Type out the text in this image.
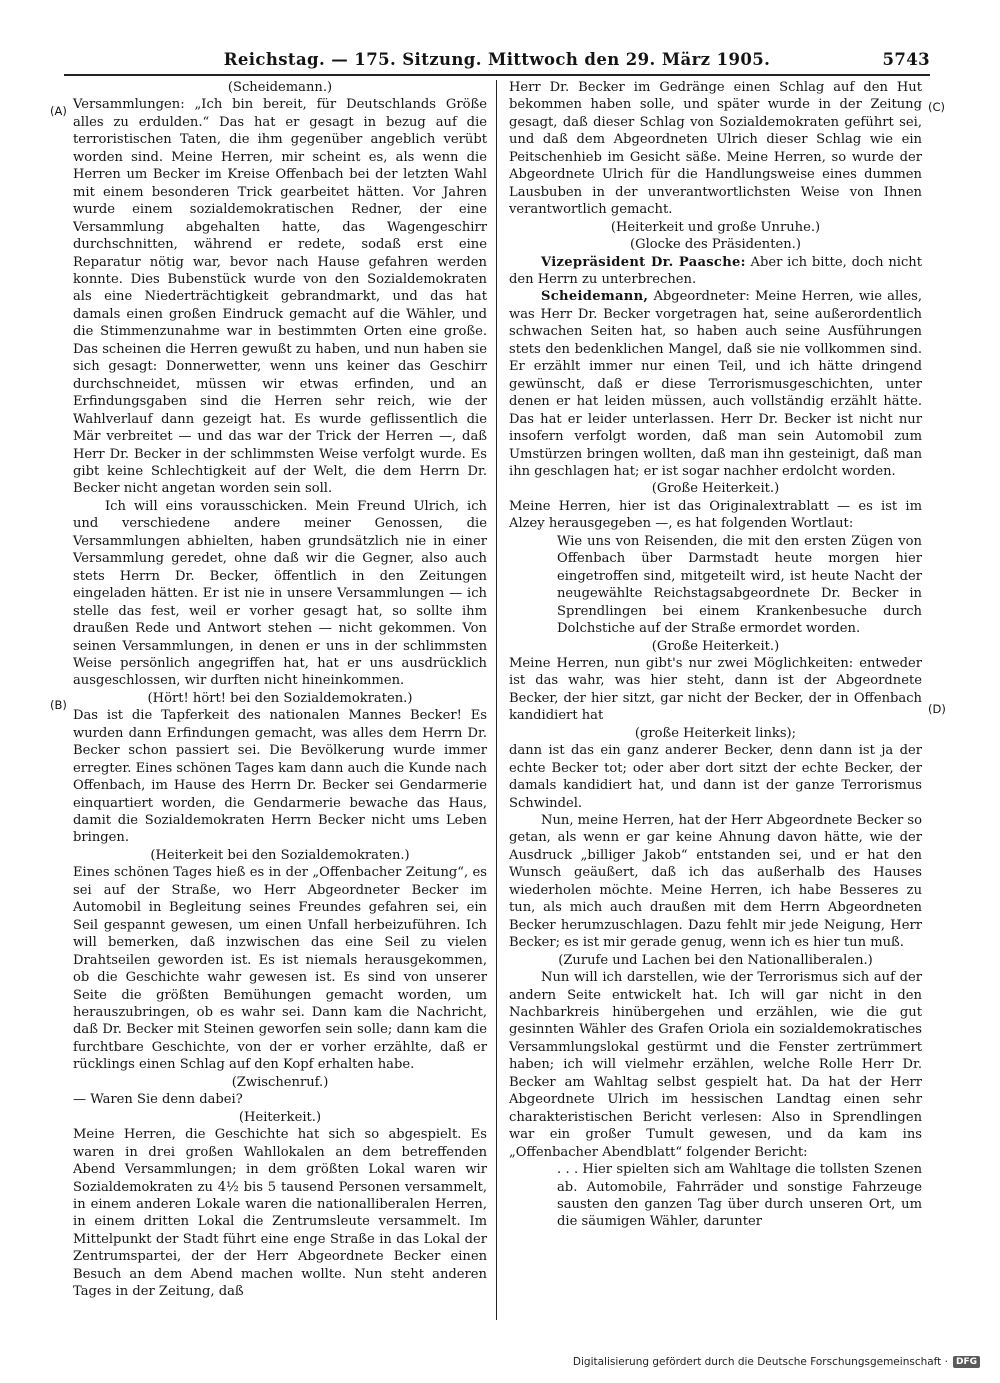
Reichstag. — 175. Sitzung. Mittwoch den 29. März 1905.	5743
(A)
(B)
(C)
(D)

(Scheidemann.)

Versammlungen: „Ich bin bereit, für Deutschlands Größe alles zu erdulden.“ Das hat er gesagt in bezug auf die terroristischen Taten, die ihm gegenüber angeblich verübt worden sind. Meine Herren, mir scheint es, als wenn die Herren um Becker im Kreise Offenbach bei der letzten Wahl mit einem besonderen Trick gearbeitet hätten. Vor Jahren wurde einem sozialdemokratischen Redner, der eine Versammlung abgehalten hatte, das Wagengeschirr durchschnitten, während er redete, sodaß erst eine Reparatur nötig war, bevor nach Hause gefahren werden konnte. Dies Bubenstück wurde von den Sozialdemokraten als eine Niederträchtigkeit gebrandmarkt, und das hat damals einen großen Eindruck gemacht auf die Wähler, und die Stimmenzunahme war in bestimmten Orten eine große. Das scheinen die Herren gewußt zu haben, und nun haben sie sich gesagt: Donnerwetter, wenn uns keiner das Geschirr durchschneidet, müssen wir etwas erfinden, und an Erfindungsgaben sind die Herren sehr reich, wie der Wahlverlauf dann gezeigt hat. Es wurde geflissentlich die Mär verbreitet — und das war der Trick der Herren —, daß Herr Dr. Becker in der schlimmsten Weise verfolgt wurde. Es gibt keine Schlechtigkeit auf der Welt, die dem Herrn Dr. Becker nicht angetan worden sein soll.

Ich will eins vorausschicken. Mein Freund Ulrich, ich und verschiedene andere meiner Genossen, die Versammlungen abhielten, haben grundsätzlich nie in einer Versammlung geredet, ohne daß wir die Gegner, also auch stets Herrn Dr. Becker, öffentlich in den Zeitungen eingeladen hätten. Er ist nie in unsere Versammlungen — ich stelle das fest, weil er vorher gesagt hat, so sollte ihm draußen Rede und Antwort stehen — nicht gekommen. Von seinen Versammlungen, in denen er uns in der schlimmsten Weise persönlich angegriffen hat, hat er uns ausdrücklich ausgeschlossen, wir durften nicht hineinkommen.

(Hört! hört! bei den Sozialdemokraten.)

Das ist die Tapferkeit des nationalen Mannes Becker! Es wurden dann Erfindungen gemacht, was alles dem Herrn Dr. Becker schon passiert sei. Die Bevölkerung wurde immer erregter. Eines schönen Tages kam dann auch die Kunde nach Offenbach, im Hause des Herrn Dr. Becker sei Gendarmerie einquartiert worden, die Gendarmerie bewache das Haus, damit die Sozialdemokraten Herrn Becker nicht ums Leben bringen.

(Heiterkeit bei den Sozialdemokraten.)

Eines schönen Tages hieß es in der „Offenbacher Zeitung“, es sei auf der Straße, wo Herr Abgeordneter Becker im Automobil in Begleitung seines Freundes gefahren sei, ein Seil gespannt gewesen, um einen Unfall herbeizuführen. Ich will bemerken, daß inzwischen das eine Seil zu vielen Drahtseilen geworden ist. Es ist niemals herausgekommen, ob die Geschichte wahr gewesen ist. Es sind von unserer Seite die größten Bemühungen gemacht worden, um herauszubringen, ob es wahr sei. Dann kam die Nachricht, daß Dr. Becker mit Steinen geworfen sein solle; dann kam die furchtbare Geschichte, von der er vorher erzählte, daß er rücklings einen Schlag auf den Kopf erhalten habe.

(Zwischenruf.)

— Waren Sie denn dabei?

(Heiterkeit.)

Meine Herren, die Geschichte hat sich so abgespielt. Es waren in drei großen Wahllokalen an dem betreffenden Abend Versammlungen; in dem größten Lokal waren wir Sozialdemokraten zu 4½ bis 5 tausend Personen versammelt, in einem anderen Lokale waren die nationalliberalen Herren, in einem dritten Lokal die Zentrumsleute versammelt. Im Mittelpunkt der Stadt führt eine enge Straße in das Lokal der Zentrumspartei, der der Herr Abgeordnete Becker einen Besuch an dem Abend machen wollte. Nun steht anderen Tages in der Zeitung, daß

Herr Dr. Becker im Gedränge einen Schlag auf den Hut bekommen haben solle, und später wurde in der Zeitung gesagt, daß dieser Schlag von Sozialdemokraten geführt sei, und daß dem Abgeordneten Ulrich dieser Schlag wie ein Peitschenhieb im Gesicht säße. Meine Herren, so wurde der Abgeordnete Ulrich für die Handlungsweise eines dummen Lausbuben in der unverantwortlichsten Weise von Ihnen verantwortlich gemacht.

(Heiterkeit und große Unruhe.)

(Glocke des Präsidenten.)

Vizepräsident Dr. Paasche: Aber ich bitte, doch nicht den Herrn zu unterbrechen.

Scheidemann, Abgeordneter: Meine Herren, wie alles, was Herr Dr. Becker vorgetragen hat, seine außerordentlich schwachen Seiten hat, so haben auch seine Ausführungen stets den bedenklichen Mangel, daß sie nie vollkommen sind. Er erzählt immer nur einen Teil, und ich hätte dringend gewünscht, daß er diese Terrorismusgeschichten, unter denen er hat leiden müssen, auch vollständig erzählt hätte. Das hat er leider unterlassen. Herr Dr. Becker ist nicht nur insofern verfolgt worden, daß man sein Automobil zum Umstürzen bringen wollten, daß man ihn gesteinigt, daß man ihn geschlagen hat; er ist sogar nachher erdolcht worden.

(Große Heiterkeit.)

Meine Herren, hier ist das Originalextrablatt — es ist im Alzey herausgegeben —, es hat folgenden Wortlaut:

Wie uns von Reisenden, die mit den ersten Zügen von Offenbach über Darmstadt heute morgen hier eingetroffen sind, mitgeteilt wird, ist heute Nacht der neugewählte Reichstagsabgeordnete Dr. Becker in Sprendlingen bei einem Krankenbesuche durch Dolchstiche auf der Straße ermordet worden.

(Große Heiterkeit.)

Meine Herren, nun gibt's nur zwei Möglichkeiten: entweder ist das wahr, was hier steht, dann ist der Abgeordnete Becker, der hier sitzt, gar nicht der Becker, der in Offenbach kandidiert hat

(große Heiterkeit links);

dann ist das ein ganz anderer Becker, denn dann ist ja der echte Becker tot; oder aber dort sitzt der echte Becker, der damals kandidiert hat, und dann ist der ganze Terrorismus Schwindel.

Nun, meine Herren, hat der Herr Abgeordnete Becker so getan, als wenn er gar keine Ahnung davon hätte, wie der Ausdruck „billiger Jakob“ entstanden sei, und er hat den Wunsch geäußert, daß ich das außerhalb des Hauses wiederholen möchte. Meine Herren, ich habe Besseres zu tun, als mich auch draußen mit dem Herrn Abgeordneten Becker herumzuschlagen. Dazu fehlt mir jede Neigung, Herr Becker; es ist mir gerade genug, wenn ich es hier tun muß.

(Zurufe und Lachen bei den Nationalliberalen.)

Nun will ich darstellen, wie der Terrorismus sich auf der andern Seite entwickelt hat. Ich will gar nicht in den Nachbarkreis hinübergehen und erzählen, wie die gut gesinnten Wähler des Grafen Oriola ein sozialdemokratisches Versammlungslokal gestürmt und die Fenster zertrümmert haben; ich will vielmehr erzählen, welche Rolle Herr Dr. Becker am Wahltag selbst gespielt hat. Da hat der Herr Abgeordnete Ulrich im hessischen Landtag einen sehr charakteristischen Bericht verlesen: Also in Sprendlingen war ein großer Tumult gewesen, und da kam ins „Offenbacher Abendblatt“ folgender Bericht:

. . . Hier spielten sich am Wahltage die tollsten Szenen ab. Automobile, Fahrräder und sonstige Fahrzeuge sausten den ganzen Tag über durch unseren Ort, um die säumigen Wähler, darunter

Digitalisierung gefördert durch die Deutsche Forschungsgemeinschaft · DFG
